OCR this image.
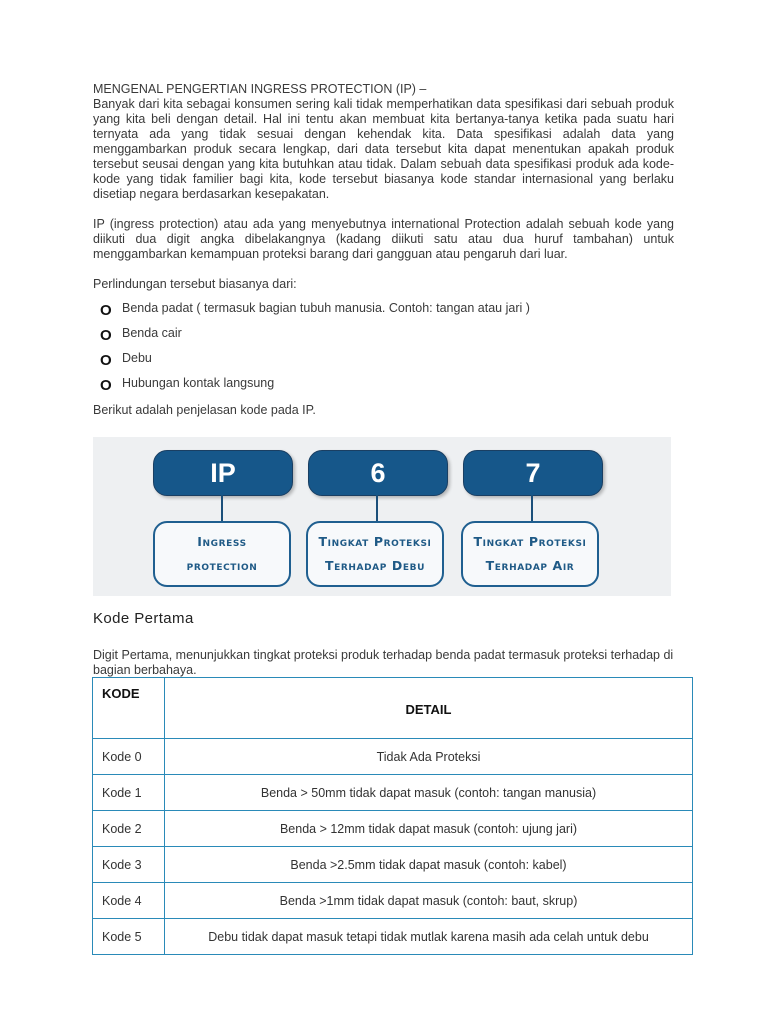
MENGENAL PENGERTIAN INGRESS PROTECTION (IP) –

Banyak dari kita sebagai konsumen sering kali tidak memperhatikan data spesifikasi dari sebuah produk yang kita beli dengan detail. Hal ini tentu akan membuat kita bertanya-tanya ketika pada suatu hari ternyata ada yang tidak sesuai dengan kehendak kita. Data spesifikasi adalah data yang menggambarkan produk secara lengkap, dari data tersebut kita dapat menentukan apakah produk tersebut seusai dengan yang kita butuhkan atau tidak. Dalam sebuah data spesifikasi produk ada kode-kode yang tidak familier bagi kita, kode tersebut biasanya kode standar internasional yang berlaku disetiap negara berdasarkan kesepakatan.

IP (ingress protection) atau ada yang menyebutnya international Protection adalah sebuah kode yang diikuti dua digit angka dibelakangnya (kadang diikuti satu atau dua huruf tambahan) untuk menggambarkan kemampuan proteksi barang dari gangguan atau pengaruh dari luar.

Perlindungan tersebut biasanya dari:

O Benda padat ( termasuk bagian tubuh manusia. Contoh: tangan atau jari )
O Benda cair
O Debu
O Hubungan kontak langsung

Berikut adalah penjelasan kode pada IP.

IP
Ingress
protection
6
Tingkat Proteksi
Terhadap Debu
7
Tingkat Proteksi
Terhadap Air
Kode Pertama
Digit Pertama, menunjukkan tingkat proteksi produk terhadap benda padat termasuk proteksi terhadap di bagian berbahaya.
KODE	DETAIL
Kode 0	Tidak Ada Proteksi
Kode 1	Benda > 50mm tidak dapat masuk (contoh: tangan manusia)
Kode 2	Benda > 12mm tidak dapat masuk (contoh: ujung jari)
Kode 3	Benda >2.5mm tidak dapat masuk (contoh: kabel)
Kode 4	Benda >1mm tidak dapat masuk (contoh: baut, skrup)
Kode 5	Debu tidak dapat masuk tetapi tidak mutlak karena masih ada celah untuk debu
